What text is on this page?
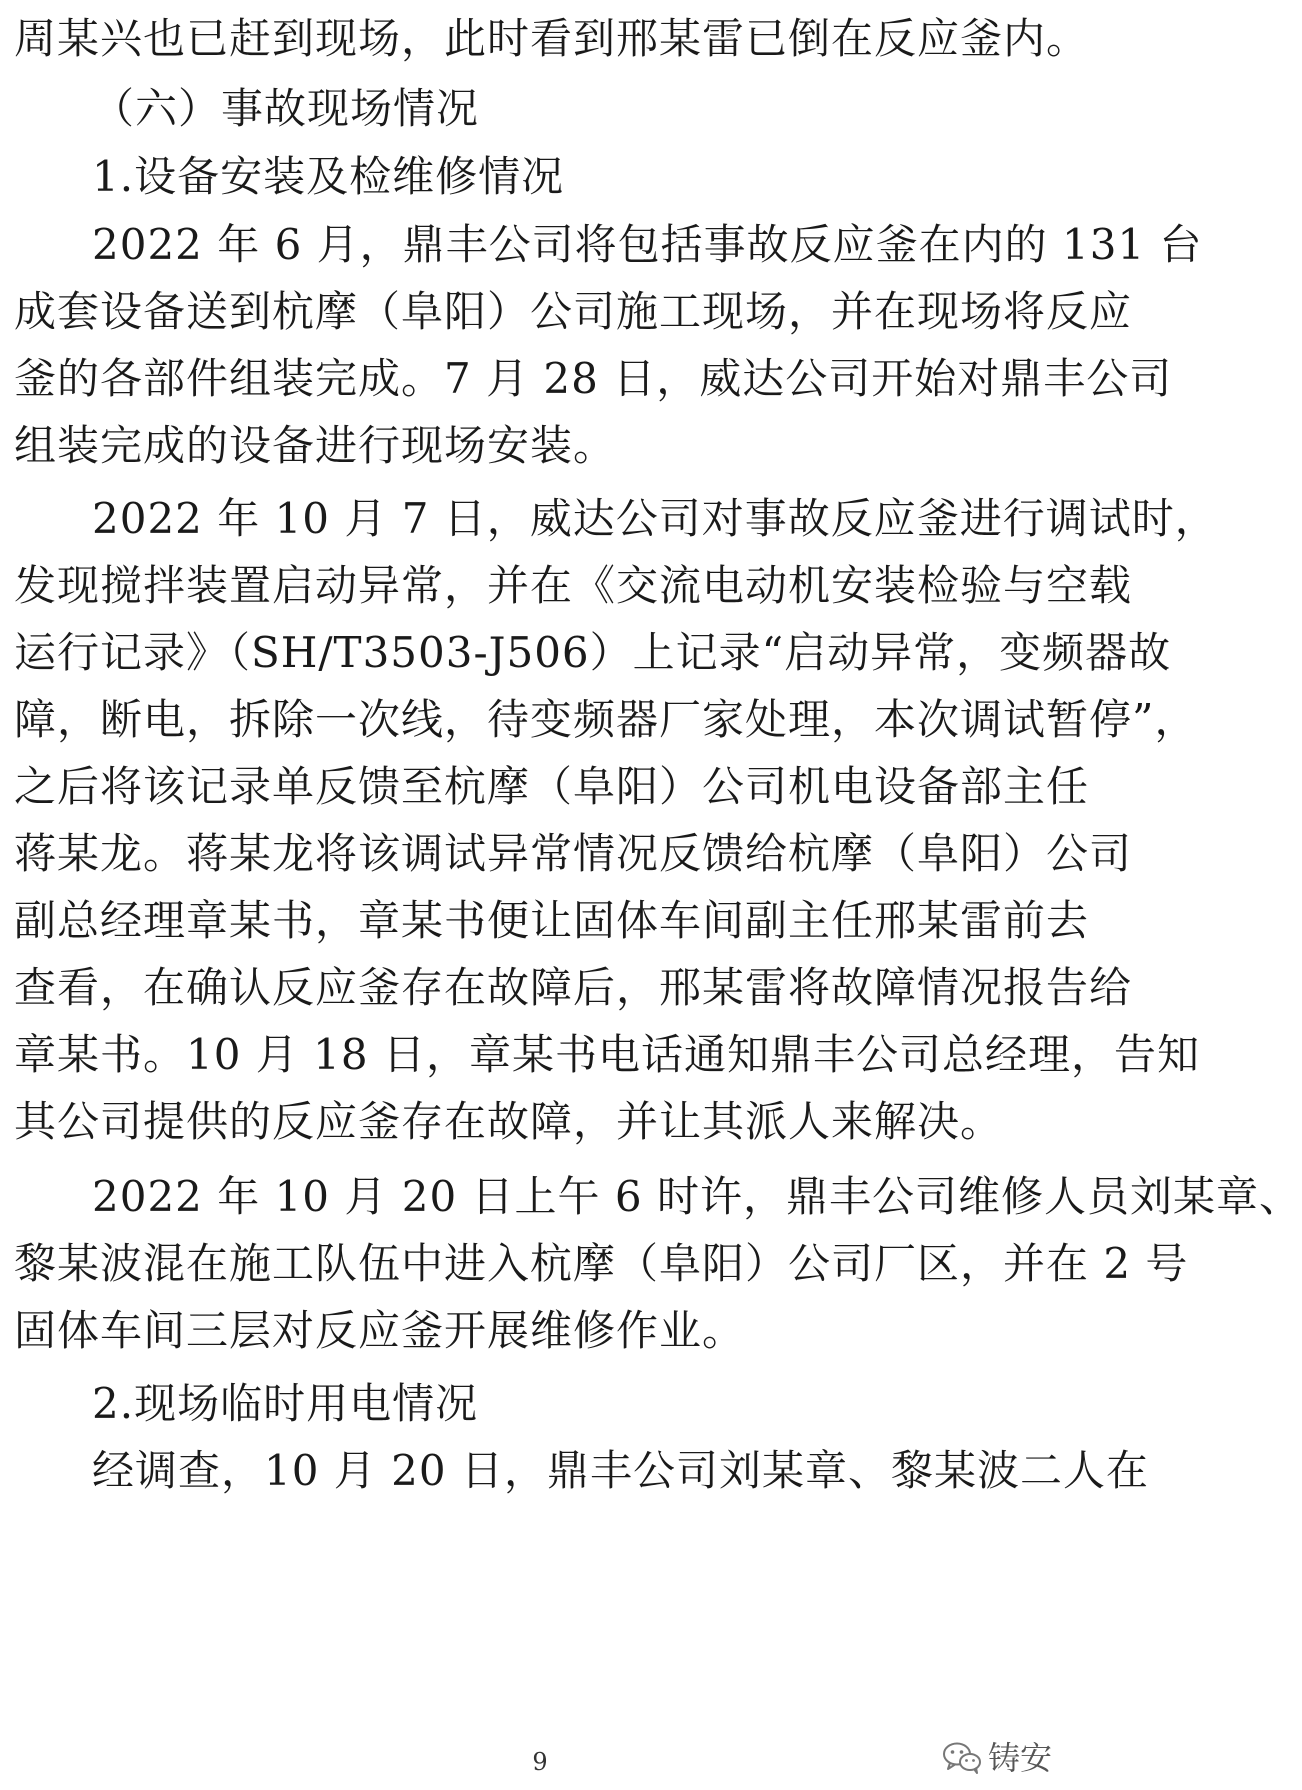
周某兴也已赶到现场，此时看到邢某雷已倒在反应釜内。
（六）事故现场情况
1.设备安装及检维修情况
2022 年 6 月，鼎丰公司将包括事故反应釜在内的 131 台
成套设备送到杭摩（阜阳）公司施工现场，并在现场将反应
釜的各部件组装完成。7 月 28 日，威达公司开始对鼎丰公司
组装完成的设备进行现场安装。
2022 年 10 月 7 日，威达公司对事故反应釜进行调试时，
发现搅拌装置启动异常，并在《交流电动机安装检验与空载
运行记录》（SH/T3503-J506）上记录“启动异常，变频器故
障，断电，拆除一次线，待变频器厂家处理，本次调试暂停”，
之后将该记录单反馈至杭摩（阜阳）公司机电设备部主任
蒋某龙。蒋某龙将该调试异常情况反馈给杭摩（阜阳）公司
副总经理章某书，章某书便让固体车间副主任邢某雷前去
查看，在确认反应釜存在故障后，邢某雷将故障情况报告给
章某书。10 月 18 日，章某书电话通知鼎丰公司总经理，告知
其公司提供的反应釜存在故障，并让其派人来解决。
2022 年 10 月 20 日上午 6 时许，鼎丰公司维修人员刘某章、
黎某波混在施工队伍中进入杭摩（阜阳）公司厂区，并在 2 号
固体车间三层对反应釜开展维修作业。
2.现场临时用电情况
经调查，10 月 20 日，鼎丰公司刘某章、黎某波二人在
9	铸安
